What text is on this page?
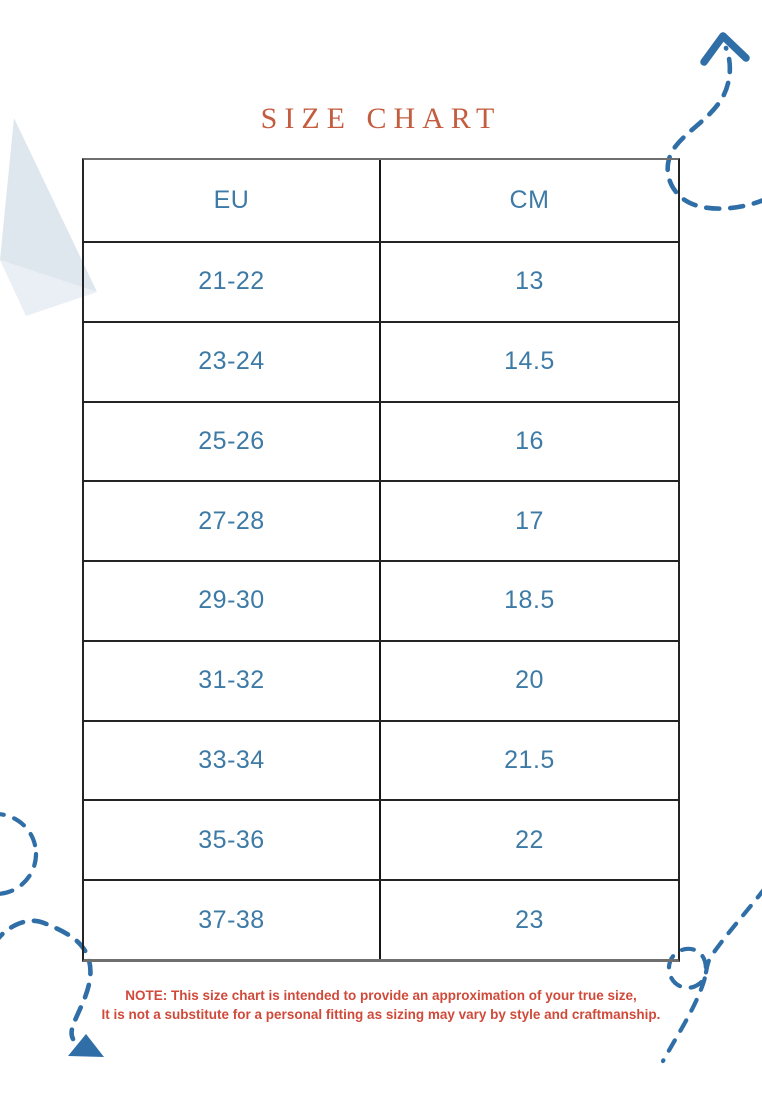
SIZE CHART
EU	CM
21-22	13
23-24	14.5
25-26	16
27-28	17
29-30	18.5
31-32	20
33-34	21.5
35-36	22
37-38	23
NOTE: This size chart is intended to provide an approximation of your true size,
It is not a substitute for a personal fitting as sizing may vary by style and craftmanship.
